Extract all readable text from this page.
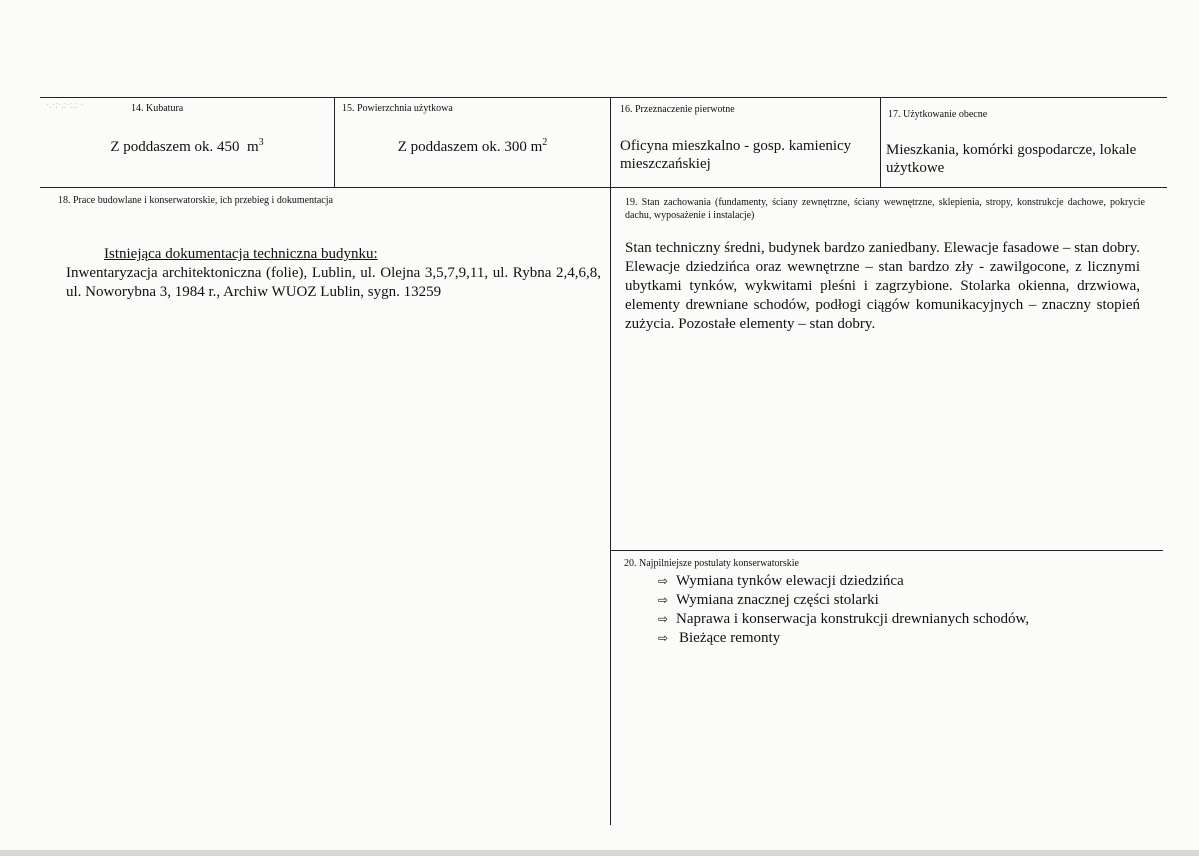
·.·:·.:·:.: ·	14. Kubatura
Z poddaszem ok. 450 $m^3$
15. Powierzchnia użytkowa
Z poddaszem ok. 300 $m^2$
16. Przeznaczenie pierwotne
Oficyna mieszkalno - gosp. kamienicy mieszczańskiej
17. Użytkowanie obecne
Mieszkania, komórki gospodarcze, lokale użytkowe
18. Prace budowlane i konserwatorskie, ich przebieg i dokumentacja
Istniejąca dokumentacja techniczna budynku:
Inwentaryzacja architektoniczna (folie), Lublin, ul. Olejna 3,5,7,9,11, ul. Rybna 2,4,6,8, ul. Noworybna 3, 1984 r., Archiw WUOZ Lublin, sygn. 13259
19. Stan zachowania (fundamenty, ściany zewnętrzne, ściany wewnętrzne, sklepienia, stropy, konstrukcje dachowe, pokrycie dachu, wyposażenie i instalacje)
Stan techniczny średni, budynek bardzo zaniedbany. Elewacje fasadowe – stan dobry. Elewacje dziedzińca oraz wewnętrzne – stan bardzo zły - zawilgocone, z licznymi ubytkami tynków, wykwitami pleśni i zagrzybione. Stolarka okienna, drzwiowa, elementy drewniane schodów, podłogi ciągów komunikacyjnych – znaczny stopień zużycia. Pozostałe elementy – stan dobry.
20. Najpilniejsze postulaty konserwatorskie
⇨ Wymiana tynków elewacji dziedzińca
⇨ Wymiana znacznej części stolarki
⇨ Naprawa i konserwacja konstrukcji drewnianych schodów,
⇨ Bieżące remonty
